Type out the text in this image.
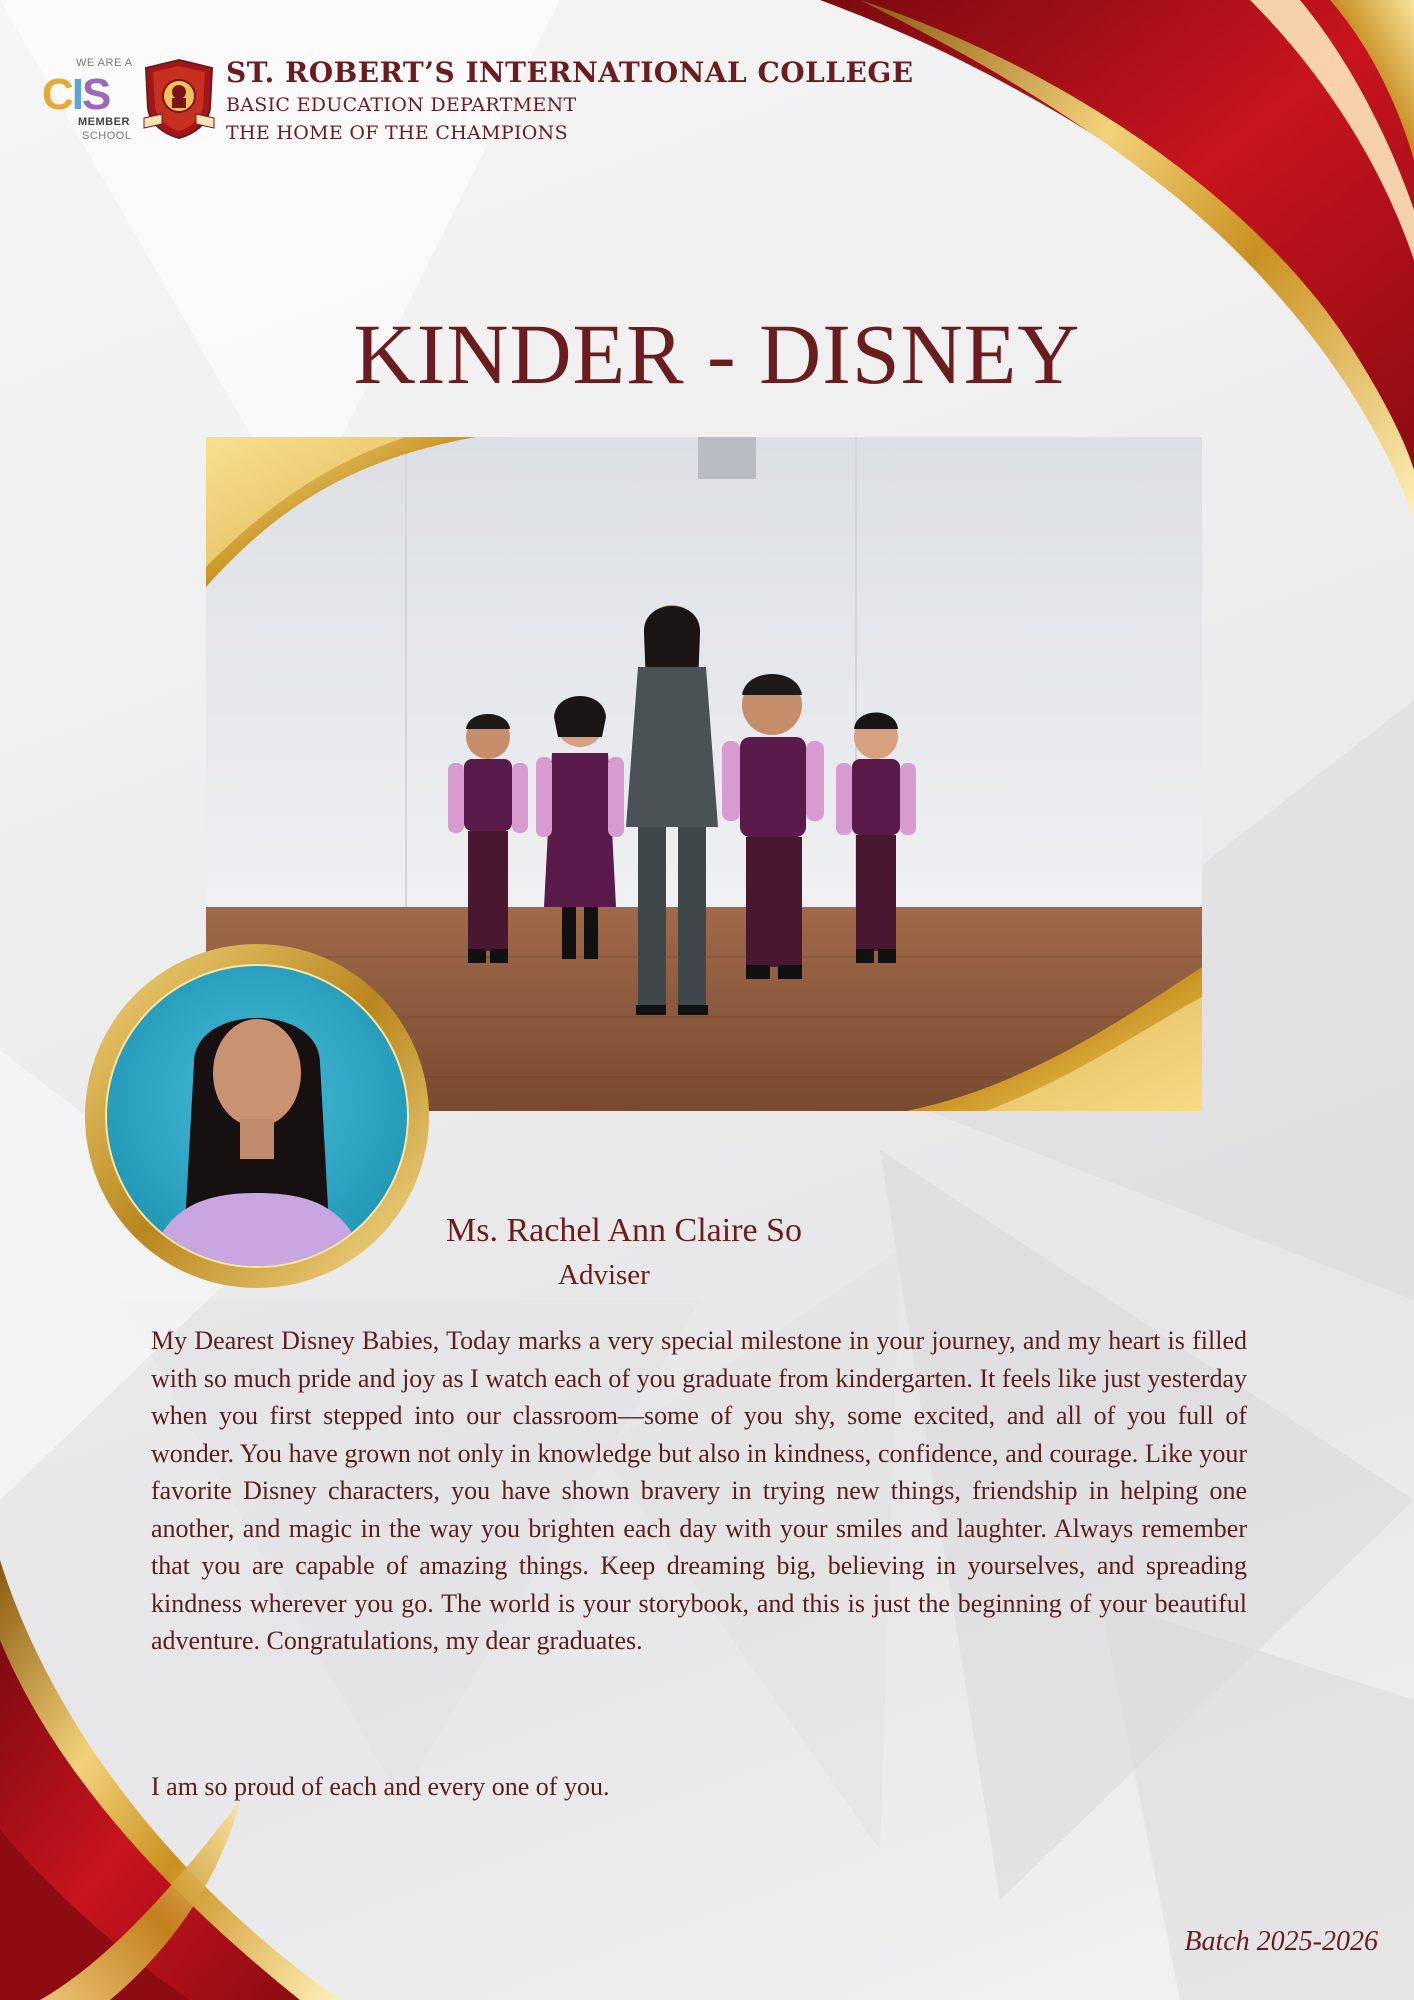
WE ARE A
CIS
MEMBER
SCHOOL
ST. ROBERT’S INTERNATIONAL COLLEGE
BASIC EDUCATION DEPARTMENT
THE HOME OF THE CHAMPIONS
KINDER - DISNEY
Ms. Rachel Ann Claire So
Adviser

My Dearest Disney Babies, Today marks a very special milestone in your journey, and my heart is filled with so much pride and joy as I watch each of you graduate from kindergarten. It feels like just yesterday when you first stepped into our classroom—some of you shy, some excited, and all of you full of wonder. You have grown not only in knowledge but also in kindness, confidence, and courage. Like your favorite Disney characters, you have shown bravery in trying new things, friendship in helping one another, and magic in the way you brighten each day with your smiles and laughter. Always remember that you are capable of amazing things. Keep dreaming big, believing in yourselves, and spreading kindness wherever you go. The world is your storybook, and this is just the beginning of your beautiful adventure. Congratulations, my dear graduates.

I am so proud of each and every one of you.
Batch 2025-2026
